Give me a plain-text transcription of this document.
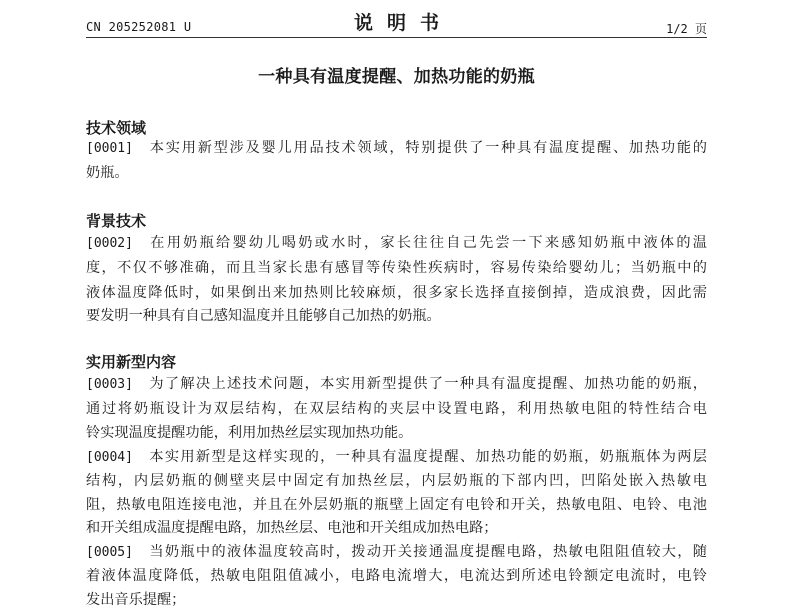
CN 205252081 U	说明书	1/2 页
一种具有温度提醒、加热功能的奶瓶
技术领域
[0001] 本实用新型涉及婴儿用品技术领域，特别提供了一种具有温度提醒、加热功能的
奶瓶。
背景技术
[0002] 在用奶瓶给婴幼儿喝奶或水时，家长往往自己先尝一下来感知奶瓶中液体的温
度，不仅不够准确，而且当家长患有感冒等传染性疾病时，容易传染给婴幼儿；当奶瓶中的
液体温度降低时，如果倒出来加热则比较麻烦，很多家长选择直接倒掉，造成浪费，因此需
要发明一种具有自己感知温度并且能够自己加热的奶瓶。
实用新型内容
[0003] 为了解决上述技术问题，本实用新型提供了一种具有温度提醒、加热功能的奶瓶，
通过将奶瓶设计为双层结构，在双层结构的夹层中设置电路，利用热敏电阻的特性结合电
铃实现温度提醒功能，利用加热丝层实现加热功能。
[0004] 本实用新型是这样实现的，一种具有温度提醒、加热功能的奶瓶，奶瓶瓶体为两层
结构，内层奶瓶的侧壁夹层中固定有加热丝层，内层奶瓶的下部内凹，凹陷处嵌入热敏电
阻，热敏电阻连接电池，并且在外层奶瓶的瓶壁上固定有电铃和开关，热敏电阻、电铃、电池
和开关组成温度提醒电路，加热丝层、电池和开关组成加热电路；
[0005] 当奶瓶中的液体温度较高时，拨动开关接通温度提醒电路，热敏电阻阻值较大，随
着液体温度降低，热敏电阻阻值减小，电路电流增大，电流达到所述电铃额定电流时，电铃
发出音乐提醒；
